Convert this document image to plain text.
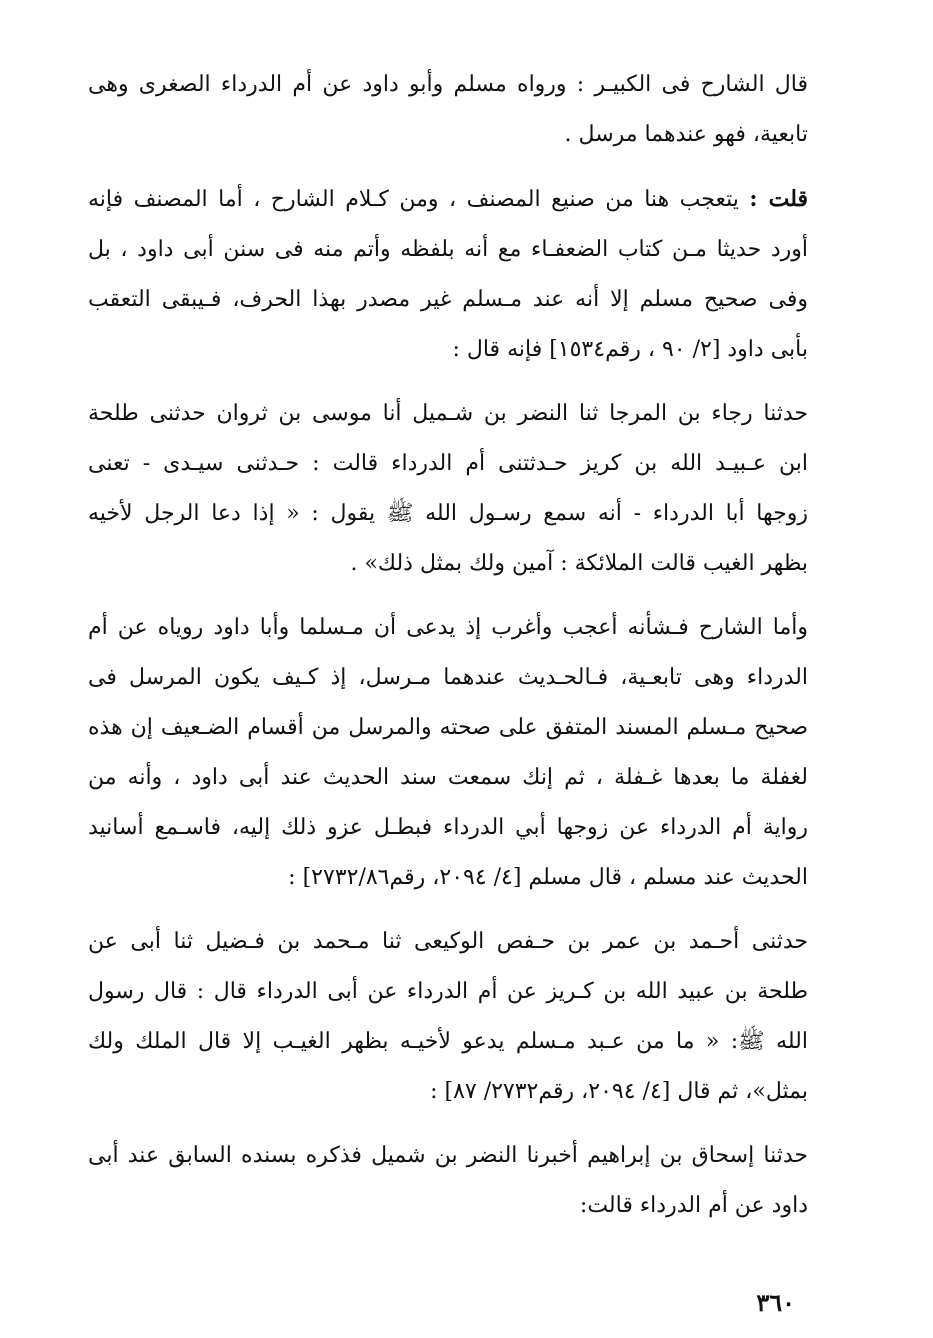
قال الشارح فى الكبيـر : ورواه مسلم وأبو داود عن أم الدرداء الصغرى وهى
تابعية، فهو عندهما مرسل .
قلت : يتعجب هنا من صنيع المصنف ، ومن كـلام الشارح ، أما المصنف فإنه
أورد حديثا مـن كتاب الضعفـاء مع أنه بلفظه وأتم منه فى سنن أبى داود ، بل
وفى صحيح مسلم إلا أنه عند مـسلم غير مصدر بهذا الحرف، فـيبقى التعقب
بأبى داود [٢/ ٩٠ ، رقم١٥٣٤] فإنه قال :
حدثنا رجاء بن المرجا ثنا النضر بن شـميل أنا موسى بن ثروان حدثنى طلحة
ابن عـبيـد الله بن كريز حـدثتنى أم الدرداء قالت : حـدثنى سيـدى - تعنى
زوجها أبا الدرداء - أنه سمع رسـول الله ﷺ يقول : « إذا دعا الرجل لأخيه
بظهر الغيب قالت الملائكة : آمين ولك بمثل ذلك» .
وأما الشارح فـشأنه أعجب وأغرب إذ يدعى أن مـسلما وأبا داود روياه عن أم
الدرداء وهى تابعـية، فـالحـديث عندهما مـرسل، إذ كـيف يكون المرسل فى
صحيح مـسلم المسند المتفق على صحته والمرسل من أقسام الضـعيف إن هذه
لغفلة ما بعدها غـفلة ، ثم إنك سمعت سند الحديث عند أبى داود ، وأنه من
رواية أم الدرداء عن زوجها أبي الدرداء فبطـل عزو ذلك إليه، فاسـمع أسانيد
الحديث عند مسلم ، قال مسلم [٤/ ٢٠٩٤، رقم٢٧٣٢/٨٦] :
حدثنى أحـمد بن عمر بن حـفص الوكيعى ثنا مـحمد بن فـضيل ثنا أبى عن
طلحة بن عبيد الله بن كـريز عن أم الدرداء عن أبى الدرداء قال : قال رسول
الله ﷺ: « ما من عـبد مـسلم يدعو لأخيـه بظهر الغيـب إلا قال الملك ولك
بمثل»، ثم قال [٤/ ٢٠٩٤، رقم٢٧٣٢/ ٨٧] :
حدثنا إسحاق بن إبراهيم أخبرنا النضر بن شميل فذكره بسنده السابق عند أبى
داود عن أم الدرداء قالت:
٣٦٠
